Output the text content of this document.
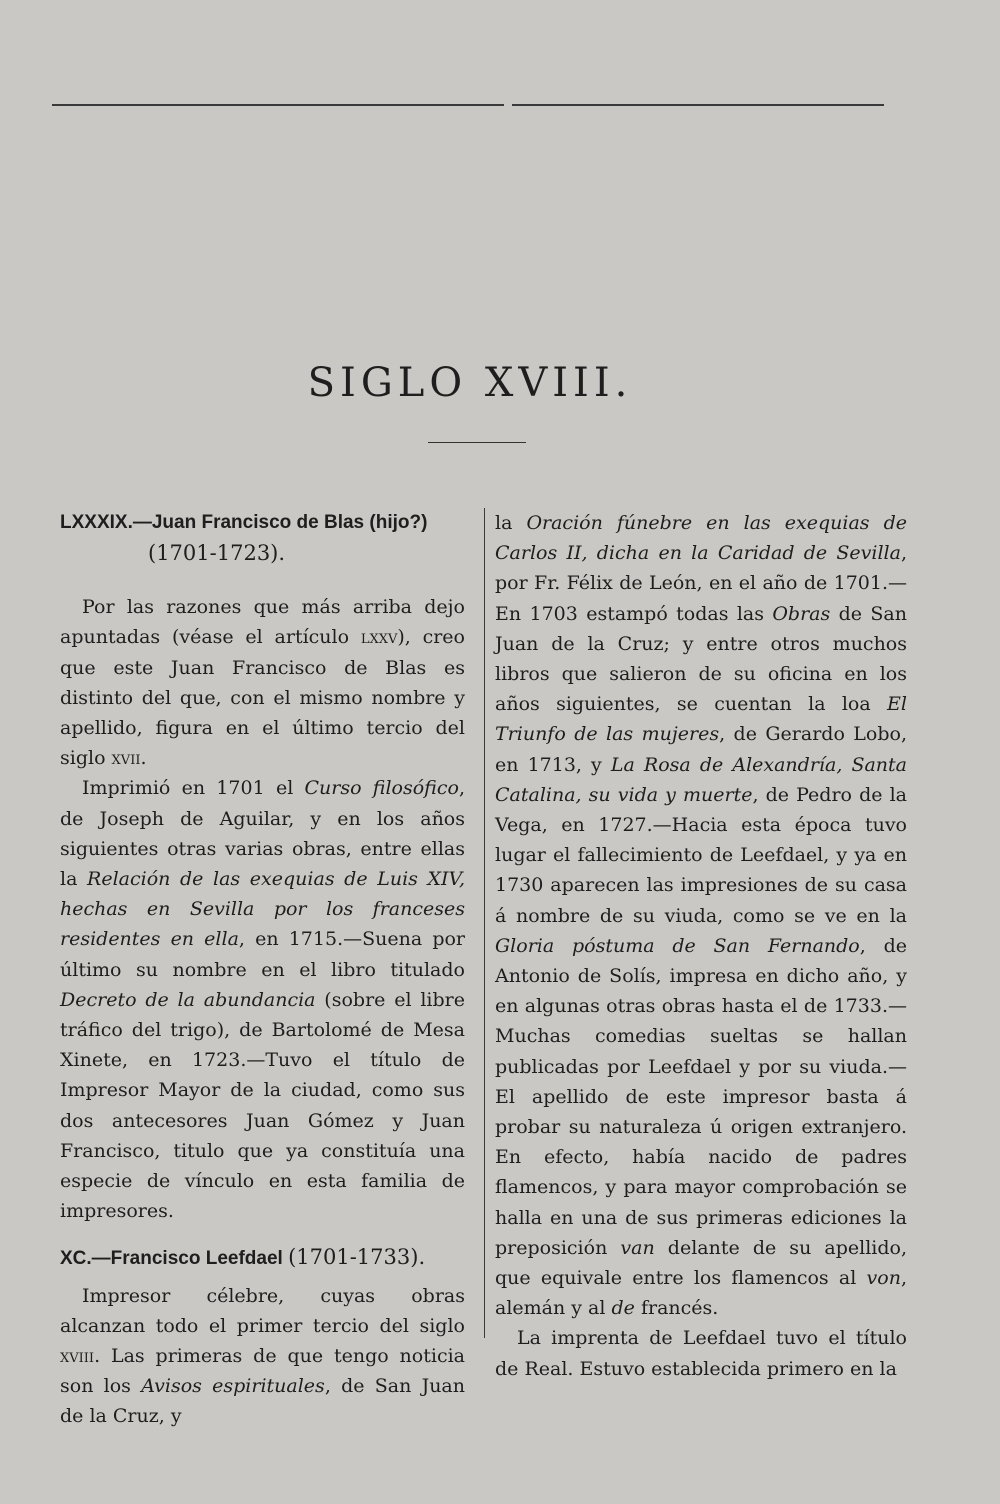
SIGLO XVIII.

LXXXIX.—Juan Francisco de Blas (hijo?)

(1701-1723).

Por las razones que más arriba dejo apuntadas (véase el artículo lxxv), creo que este Juan Francisco de Blas es distinto del que, con el mismo nombre y apellido, figura en el último tercio del siglo xvii.

Imprimió en 1701 el Curso filosófico, de Joseph de Aguilar, y en los años siguientes otras varias obras, entre ellas la Relación de las exequias de Luis XIV, hechas en Sevilla por los franceses residentes en ella, en 1715.—Suena por último su nombre en el libro titulado Decreto de la abundancia (sobre el libre tráfico del trigo), de Bartolomé de Mesa Xinete, en 1723.—Tuvo el título de Impresor Mayor de la ciudad, como sus dos antecesores Juan Gómez y Juan Francisco, titulo que ya constituía una especie de vínculo en esta familia de impresores.

XC.—Francisco Leefdael (1701-1733).

Impresor célebre, cuyas obras alcanzan todo el primer tercio del siglo xviii. Las primeras de que tengo noticia son los Avisos espirituales, de San Juan de la Cruz, y

la Oración fúnebre en las exequias de Carlos II, dicha en la Caridad de Sevilla, por Fr. Félix de León, en el año de 1701.—En 1703 estampó todas las Obras de San Juan de la Cruz; y entre otros muchos libros que salieron de su oficina en los años siguientes, se cuentan la loa El Triunfo de las mujeres, de Gerardo Lobo, en 1713, y La Rosa de Alexandría, Santa Catalina, su vida y muerte, de Pedro de la Vega, en 1727.—Hacia esta época tuvo lugar el fallecimiento de Leefdael, y ya en 1730 aparecen las impresiones de su casa á nombre de su viuda, como se ve en la Gloria póstuma de San Fernando, de Antonio de Solís, impresa en dicho año, y en algunas otras obras hasta el de 1733.—Muchas comedias sueltas se hallan publicadas por Leefdael y por su viuda.—El apellido de este impresor basta á probar su naturaleza ú origen extranjero. En efecto, había nacido de padres flamencos, y para mayor comprobación se halla en una de sus primeras ediciones la preposición van delante de su apellido, que equivale entre los flamencos al von, alemán y al de francés.

La imprenta de Leefdael tuvo el título de Real. Estuvo establecida primero en la
